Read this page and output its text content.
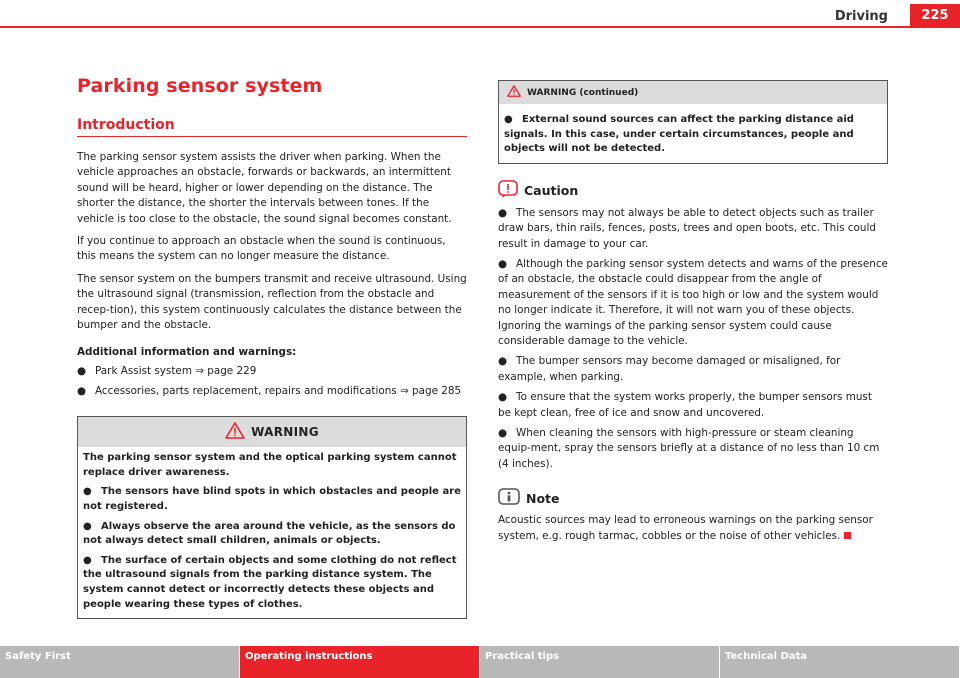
Driving	225
Parking sensor system
Introduction

The parking sensor system assists the driver when parking. When the vehicle approaches an obstacle, forwards or backwards, an intermittent sound will be heard, higher or lower depending on the distance. The shorter the distance, the shorter the intervals between tones. If the vehicle is too close to the obstacle, the sound signal becomes constant.

If you continue to approach an obstacle when the sound is continuous, this means the system can no longer measure the distance.

The sensor system on the bumpers transmit and receive ultrasound. Using the ultrasound signal (transmission, reflection from the obstacle and recep-tion), this system continuously calculates the distance between the bumper and the obstacle.

Additional information and warnings:
● Park Assist system ⇒ page 229
● Accessories, parts replacement, repairs and modifications ⇒ page 285
WARNING

The parking sensor system and the optical parking system cannot replace driver awareness.

● The sensors have blind spots in which obstacles and people are not registered.
● Always observe the area around the vehicle, as the sensors do not always detect small children, animals or objects.
● The surface of certain objects and some clothing do not reflect the ultrasound signals from the parking distance system. The system cannot detect or incorrectly detects these objects and people wearing these types of clothes.
WARNING (continued)
● External sound sources can affect the parking distance aid signals. In this case, under certain circumstances, people and objects will not be detected.
Caution
● The sensors may not always be able to detect objects such as trailer draw bars, thin rails, fences, posts, trees and open boots, etc. This could result in damage to your car.
● Although the parking sensor system detects and warns of the presence of an obstacle, the obstacle could disappear from the angle of measurement of the sensors if it is too high or low and the system would no longer indicate it. Therefore, it will not warn you of these objects. Ignoring the warnings of the parking sensor system could cause considerable damage to the vehicle.
● The bumper sensors may become damaged or misaligned, for example, when parking.
● To ensure that the system works properly, the bumper sensors must be kept clean, free of ice and snow and uncovered.
● When cleaning the sensors with high-pressure or steam cleaning equip-ment, spray the sensors briefly at a distance of no less than 10 cm (4 inches).
Note

Acoustic sources may lead to erroneous warnings on the parking sensor system, e.g. rough tarmac, cobbles or the noise of other vehicles.

Safety First	Operating instructions	Practical tips	Technical Data
